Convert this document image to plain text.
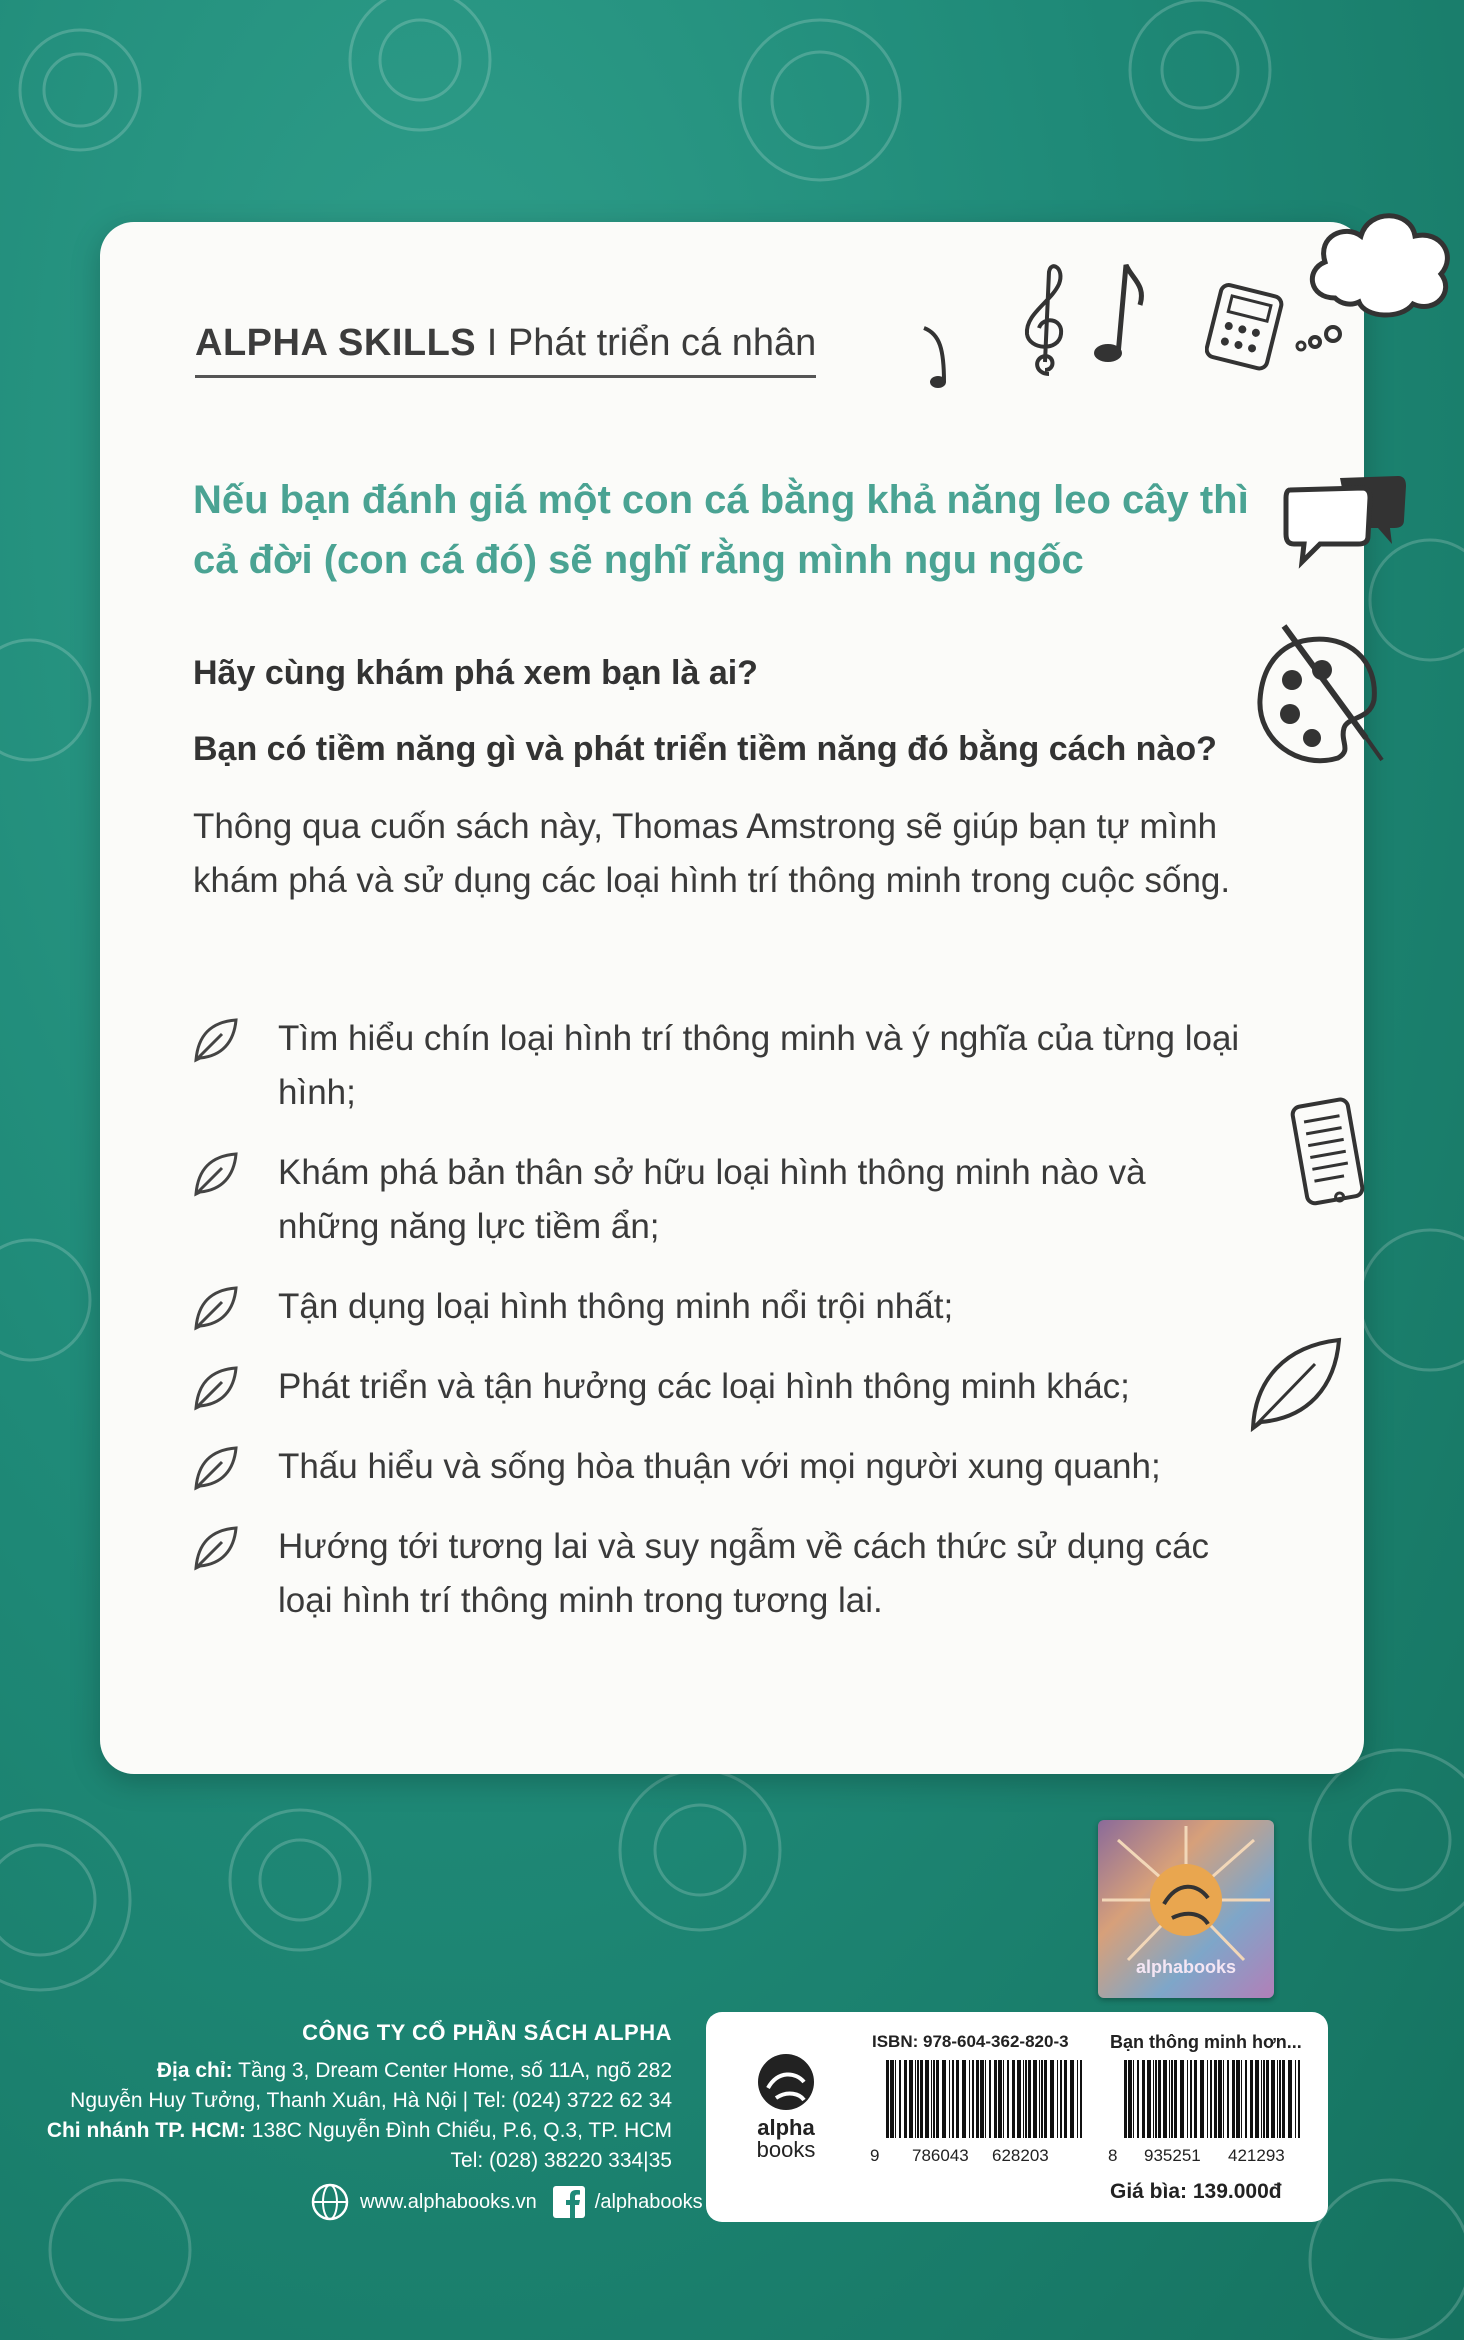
ALPHA SKILLS I Phát triển cá nhân
Nếu bạn đánh giá một con cá bằng khả năng leo cây thì cả đời (con cá đó) sẽ nghĩ rằng mình ngu ngốc
Hãy cùng khám phá xem bạn là ai?
Bạn có tiềm năng gì và phát triển tiềm năng đó bằng cách nào?
Thông qua cuốn sách này, Thomas Amstrong sẽ giúp bạn tự mình khám phá và sử dụng các loại hình trí thông minh trong cuộc sống.
Tìm hiểu chín loại hình trí thông minh và ý nghĩa của từng loại hình;
Khám phá bản thân sở hữu loại hình thông minh nào và những năng lực tiềm ẩn;
Tận dụng loại hình thông minh nổi trội nhất;
Phát triển và tận hưởng các loại hình thông minh khác;
Thấu hiểu và sống hòa thuận với mọi người xung quanh;
Hướng tới tương lai và suy ngẫm về cách thức sử dụng các loại hình trí thông minh trong tương lai.
alphabooks
CÔNG TY CỔ PHẦN SÁCH ALPHA
Địa chỉ: Tầng 3, Dream Center Home, số 11A, ngõ 282
Nguyễn Huy Tưởng, Thanh Xuân, Hà Nội | Tel: (024) 3722 62 34
Chi nhánh TP. HCM: 138C Nguyễn Đình Chiểu, P.6, Q.3, TP. HCM
Tel: (028) 38220 334|35
www.alphabooks.vn	/alphabooks
alpha
books
ISBN: 978-604-362-820-3 Bạn thông minh hơn...
9 786043 628203	8 935251 421293
Giá bìa: 139.000đ
